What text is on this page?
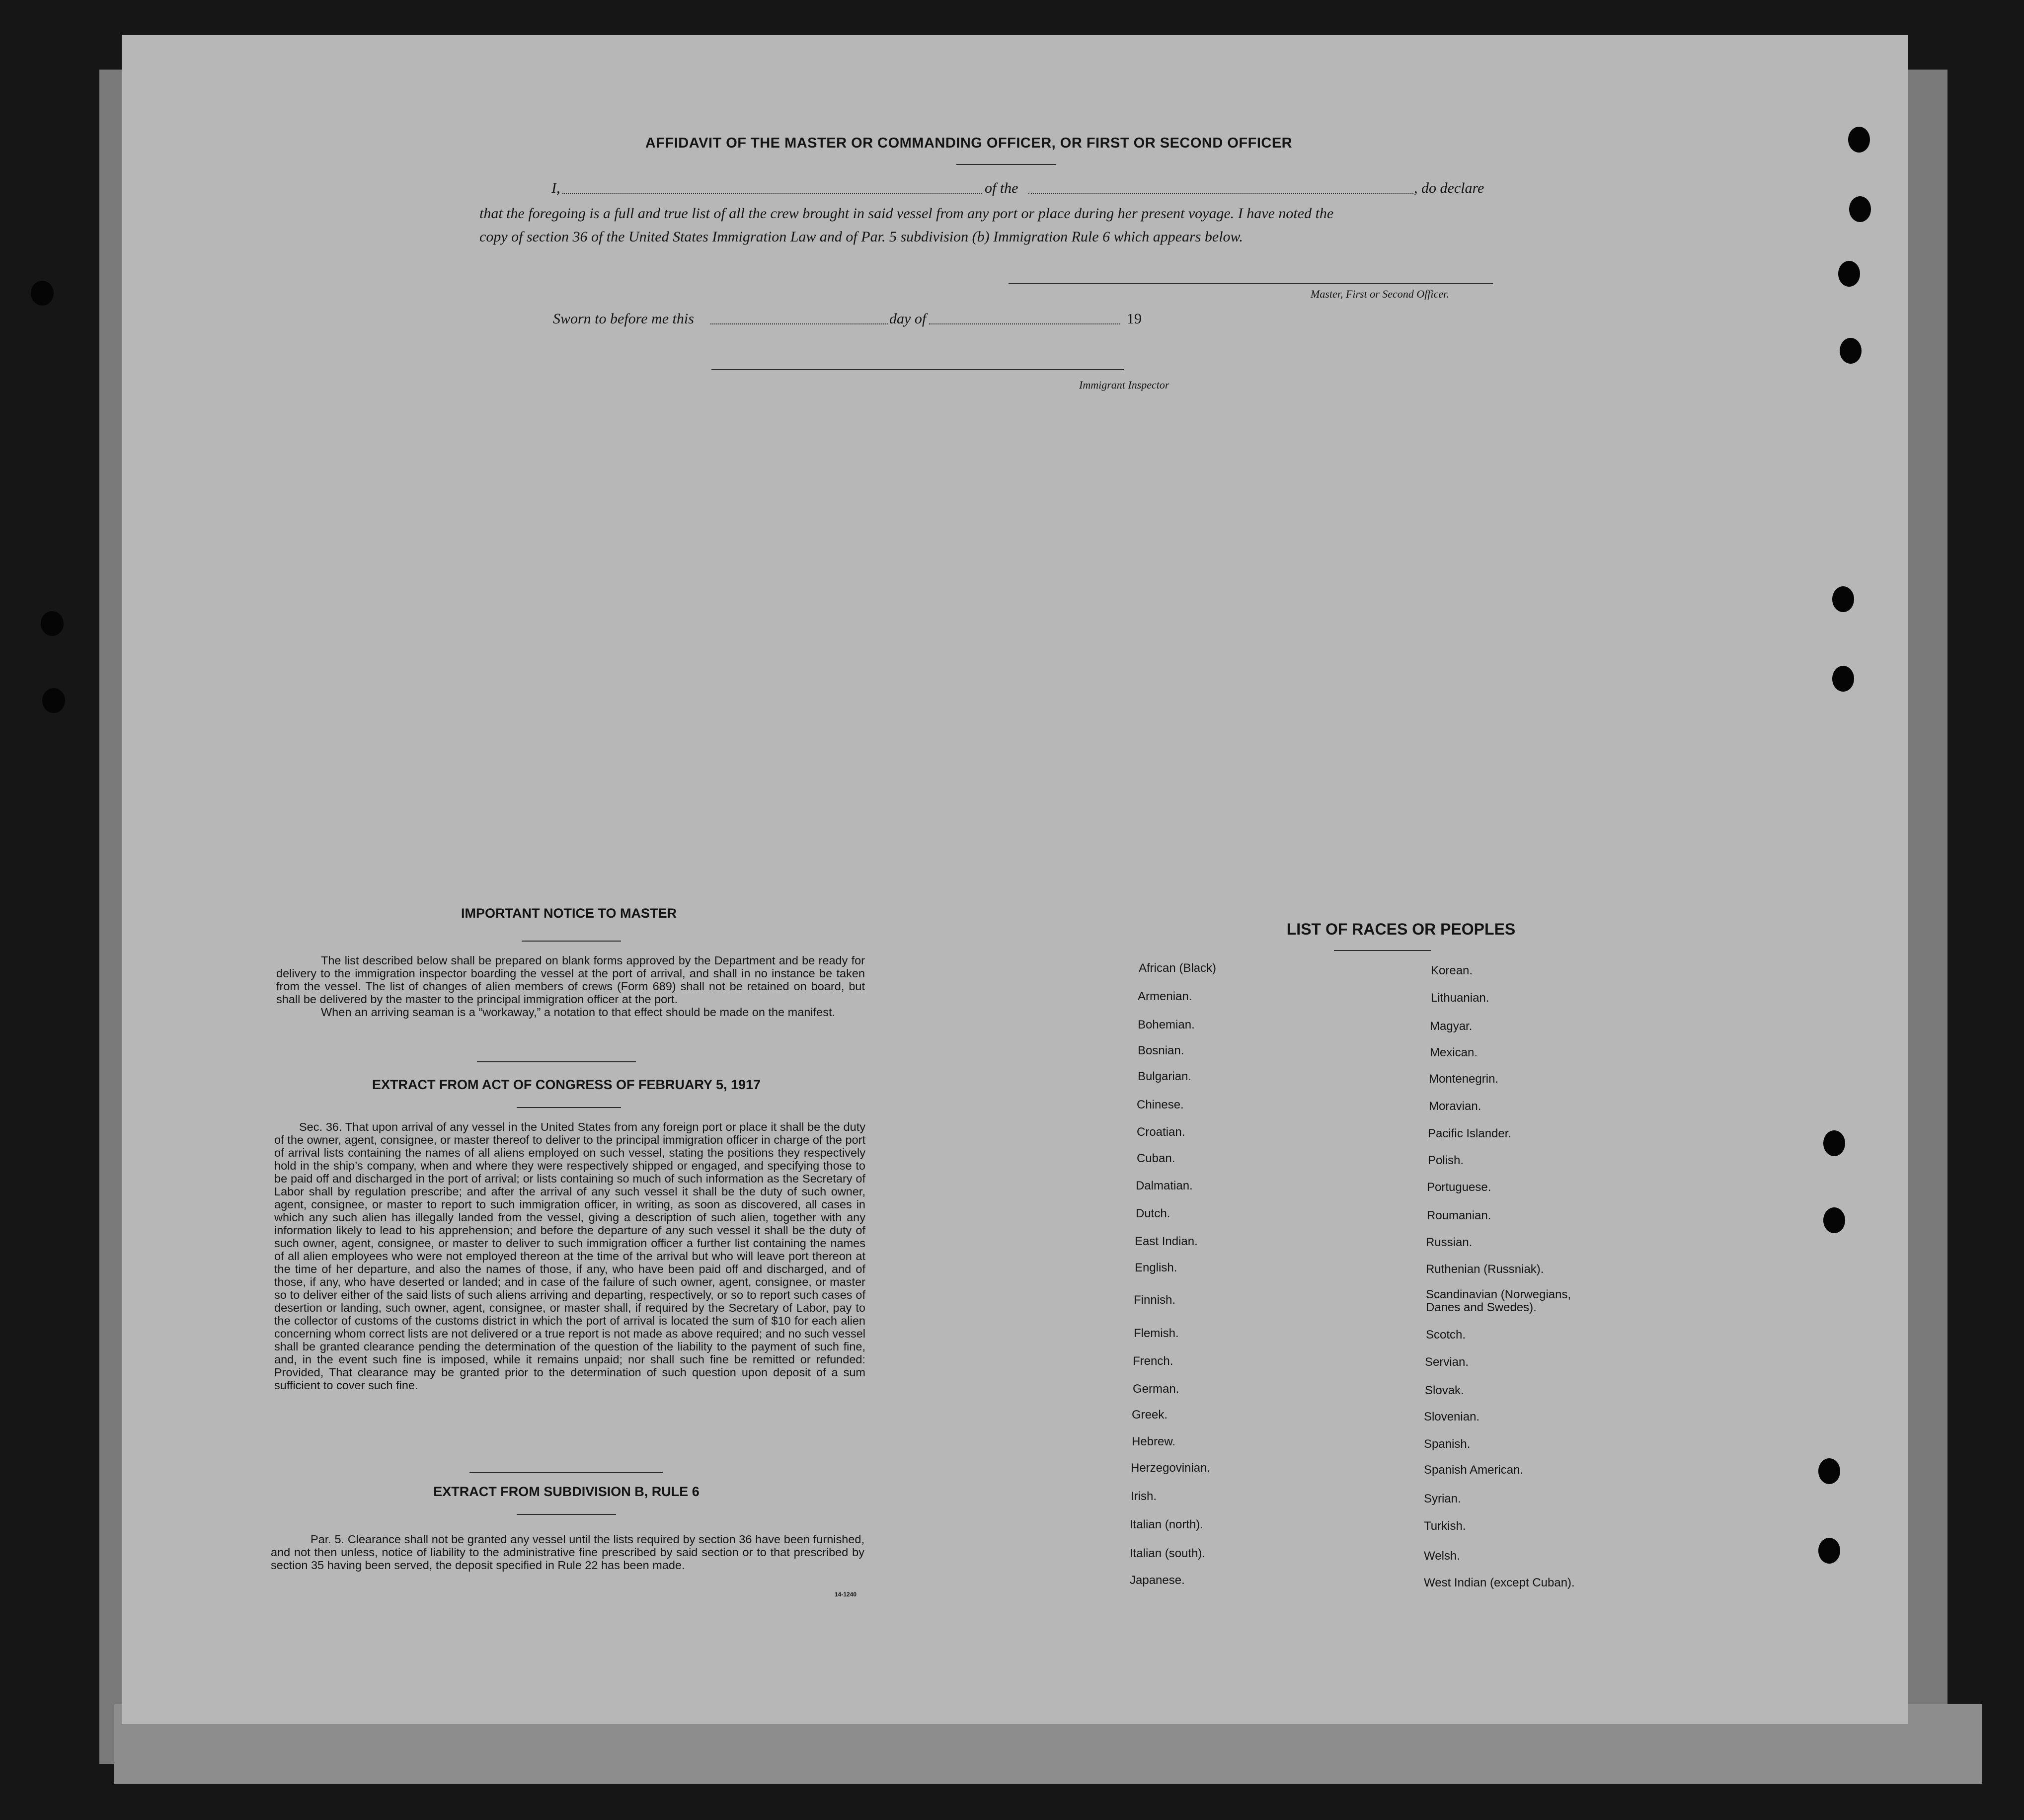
AFFIDAVIT OF THE MASTER OR COMMANDING OFFICER, OR FIRST OR SECOND OFFICER
I,	of the	, do declare
that the foregoing is a full and true list of all the crew brought in said vessel from any port or place during her present voyage. I have noted the
copy of section 36 of the United States Immigration Law and of Par. 5 subdivision (b) Immigration Rule 6 which appears below.
Master, First or Second Officer.
Sworn to before me this	day of	19
Immigrant Inspector
IMPORTANT NOTICE TO MASTER

The list described below shall be prepared on blank forms approved by the Department and be ready for delivery to the immigration inspector boarding the vessel at the port of arrival, and shall in no instance be taken from the vessel. The list of changes of alien members of crews (Form 689) shall not be retained on board, but shall be delivered by the master to the principal immigration officer at the port.

When an arriving seaman is a “workaway,” a notation to that effect should be made on the manifest.

EXTRACT FROM ACT OF CONGRESS OF FEBRUARY 5, 1917

Sec. 36. That upon arrival of any vessel in the United States from any foreign port or place it shall be the duty of the owner, agent, consignee, or master thereof to deliver to the principal immigration officer in charge of the port of arrival lists containing the names of all aliens employed on such vessel, stating the positions they respectively hold in the ship’s company, when and where they were respectively shipped or engaged, and specifying those to be paid off and discharged in the port of arrival; or lists containing so much of such information as the Secretary of Labor shall by regulation prescribe; and after the arrival of any such vessel it shall be the duty of such owner, agent, consignee, or master to report to such immigration officer, in writing, as soon as discovered, all cases in which any such alien has illegally landed from the vessel, giving a description of such alien, together with any information likely to lead to his apprehension; and before the departure of any such vessel it shall be the duty of such owner, agent, consignee, or master to deliver to such immigration officer a further list containing the names of all alien employees who were not employed thereon at the time of the arrival but who will leave port thereon at the time of her departure, and also the names of those, if any, who have been paid off and discharged, and of those, if any, who have deserted or landed; and in case of the failure of such owner, agent, consignee, or master so to deliver either of the said lists of such aliens arriving and departing, respectively, or so to report such cases of desertion or landing, such owner, agent, consignee, or master shall, if required by the Secretary of Labor, pay to the collector of customs of the customs district in which the port of arrival is located the sum of $10 for each alien concerning whom correct lists are not delivered or a true report is not made as above required; and no such vessel shall be granted clearance pending the determination of the question of the liability to the payment of such fine, and, in the event such fine is imposed, while it remains unpaid; nor shall such fine be remitted or refunded: Provided, That clearance may be granted prior to the determination of such question upon deposit of a sum sufficient to cover such fine.

EXTRACT FROM SUBDIVISION B, RULE 6

Par. 5. Clearance shall not be granted any vessel until the lists required by section 36 have been furnished, and not then unless, notice of liability to the administrative fine prescribed by said section or to that prescribed by section 35 having been served, the deposit specified in Rule 22 has been made.

14-1240
LIST OF RACES OR PEOPLES
African (Black)
Armenian.
Bohemian.
Bosnian.
Bulgarian.
Chinese.
Croatian.
Cuban.
Dalmatian.
Dutch.
East Indian.
English.
Finnish.
Flemish.
French.
German.
Greek.
Hebrew.
Herzegovinian.
Irish.
Italian (north).
Italian (south).
Japanese.
Korean.
Lithuanian.
Magyar.
Mexican.
Montenegrin.
Moravian.
Pacific Islander.
Polish.
Portuguese.
Roumanian.
Russian.
Ruthenian (Russniak).
Scandinavian (Norwegians, Danes and Swedes).
Scotch.
Servian.
Slovak.
Slovenian.
Spanish.
Spanish American.
Syrian.
Turkish.
Welsh.
West Indian (except Cuban).
